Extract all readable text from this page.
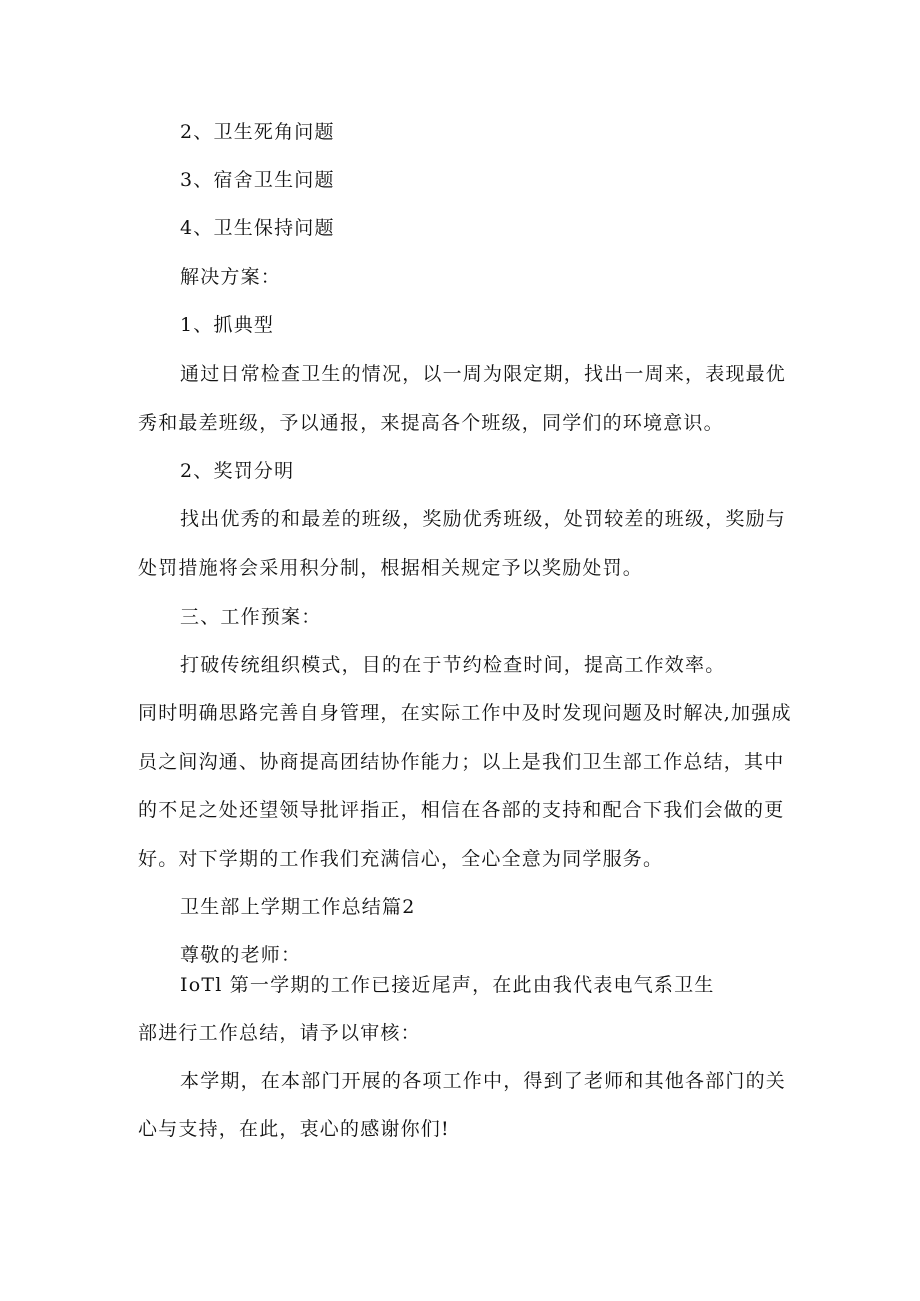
2、卫生死角问题
3、宿舍卫生问题
4、卫生保持问题
解决方案：
1、抓典型
通过日常检查卫生的情况，以一周为限定期，找出一周来，表现最优
秀和最差班级，予以通报，来提高各个班级，同学们的环境意识。
2、奖罚分明
找出优秀的和最差的班级，奖励优秀班级，处罚较差的班级，奖励与
处罚措施将会采用积分制，根据相关规定予以奖励处罚。
三、工作预案：
打破传统组织模式，目的在于节约检查时间，提高工作效率。
同时明确思路完善自身管理，在实际工作中及时发现问题及时解决,加强成
员之间沟通、协商提高团结协作能力；以上是我们卫生部工作总结，其中
的不足之处还望领导批评指正，相信在各部的支持和配合下我们会做的更
好。对下学期的工作我们充满信心，全心全意为同学服务。
卫生部上学期工作总结篇2
尊敬的老师：
IoTl 第一学期的工作已接近尾声，在此由我代表电气系卫生
部进行工作总结，请予以审核：
本学期，在本部门开展的各项工作中，得到了老师和其他各部门的关
心与支持，在此，衷心的感谢你们!
